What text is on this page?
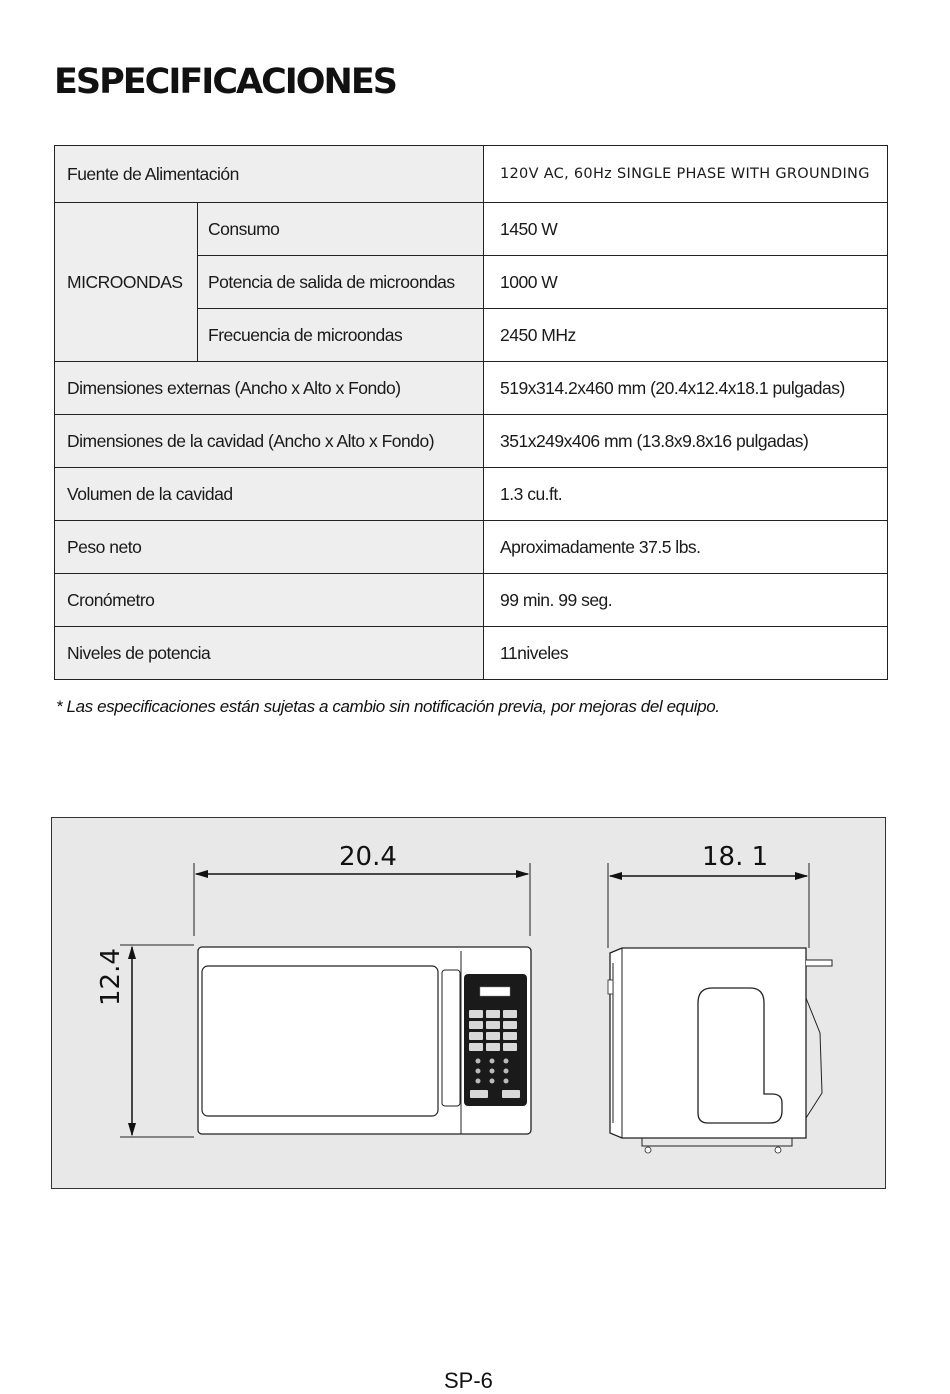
ESPECIFICACIONES
Fuente de Alimentación		120V AC, 60Hz SINGLE PHASE WITH GROUNDING
MICROONDAS	Consumo	1450 W
	Potencia de salida de microondas	1000 W
	Frecuencia de microondas	2450 MHz
Dimensiones externas (Ancho x Alto x Fondo)		519x314.2x460 mm (20.4x12.4x18.1 pulgadas)
Dimensiones de la cavidad (Ancho x Alto x Fondo)		351x249x406 mm (13.8x9.8x16 pulgadas)
Volumen de la cavidad		1.3 cu.ft.
Peso neto		Aproximadamente 37.5 lbs.
Cronómetro		99 min. 99 seg.
Niveles de potencia		11niveles
* Las especificaciones están sujetas a cambio sin notificación previa, por mejoras del equipo.
20.4	18. 1
12.4
SP-6
